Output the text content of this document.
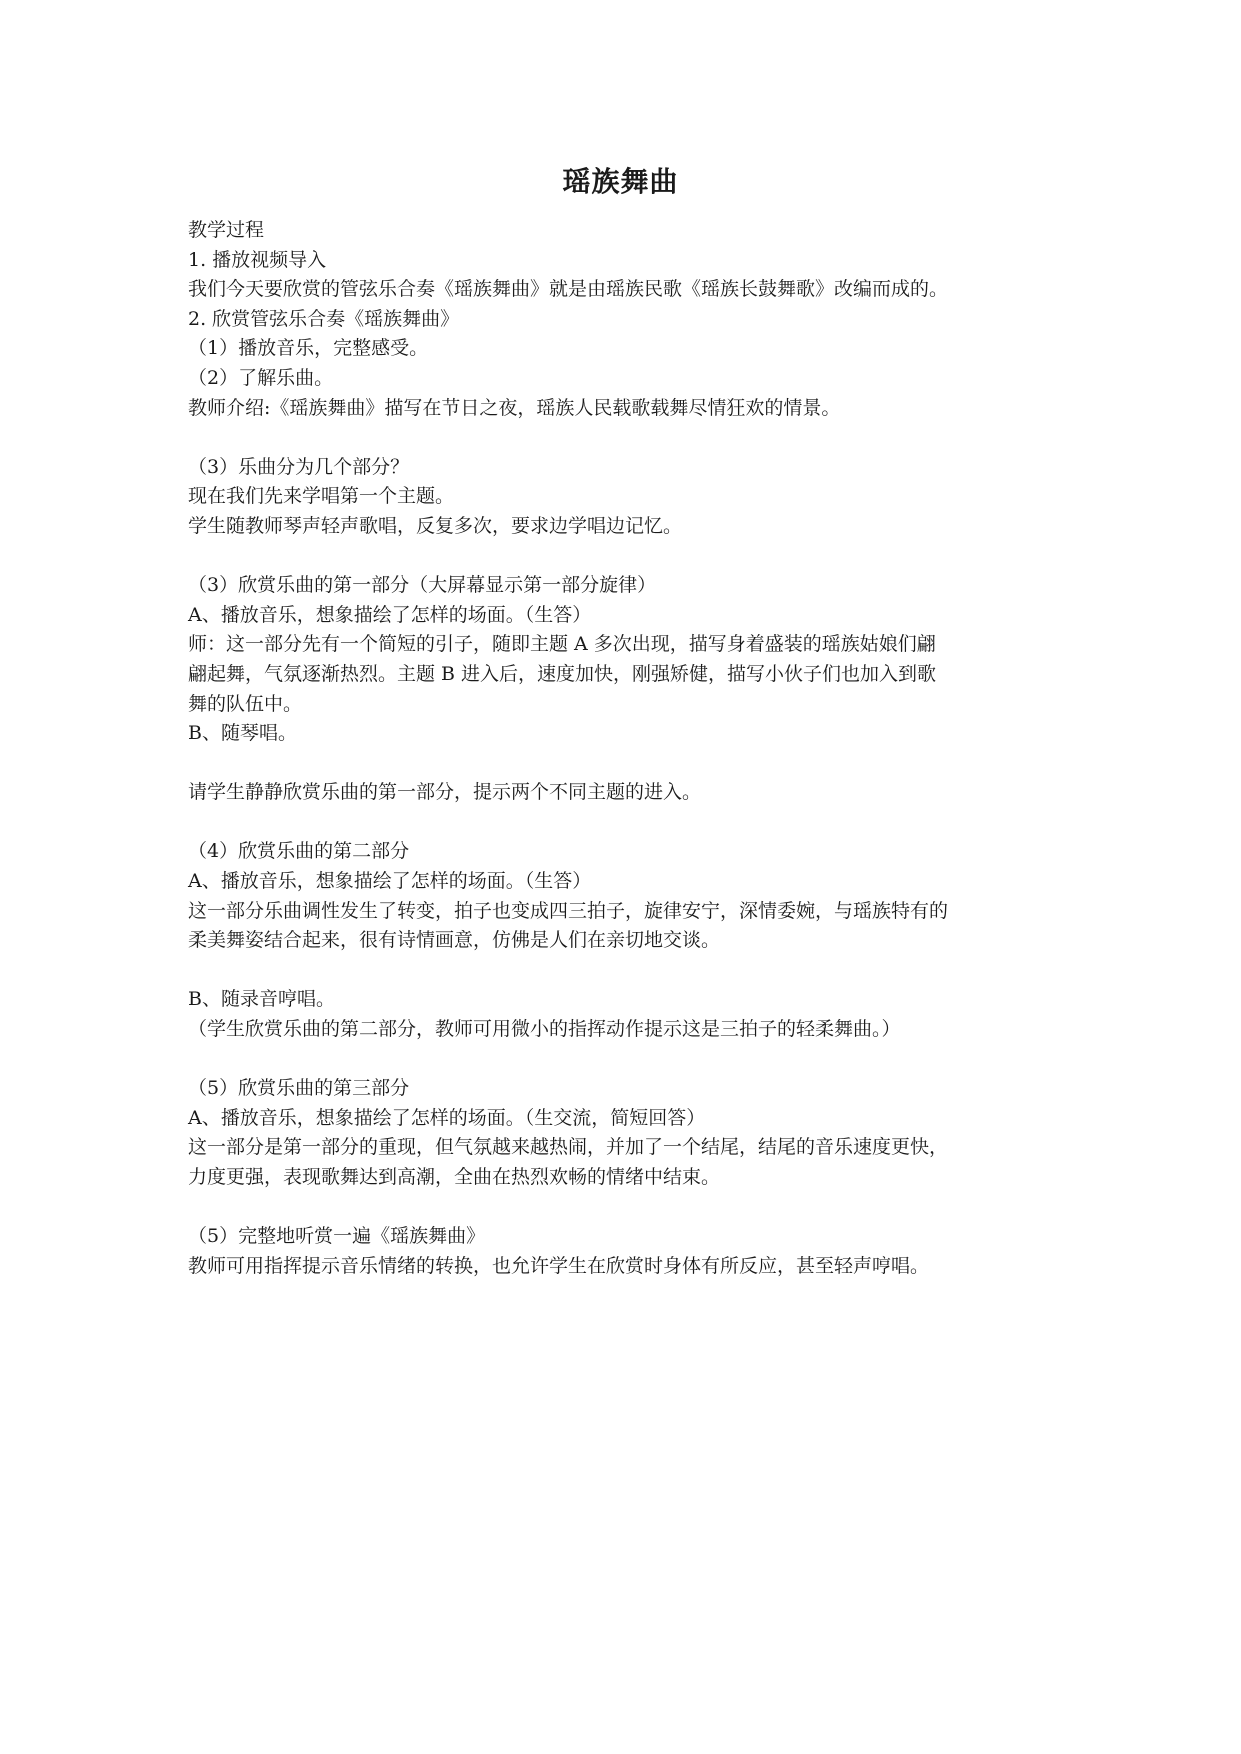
瑶族舞曲
教学过程
1. 播放视频导入
我们今天要欣赏的管弦乐合奏《瑶族舞曲》就是由瑶族民歌《瑶族长鼓舞歌》改编而成的。
2. 欣赏管弦乐合奏《瑶族舞曲》
（1）播放音乐，完整感受。
（2）了解乐曲。
教师介绍:《瑶族舞曲》描写在节日之夜，瑶族人民载歌载舞尽情狂欢的情景。
（3）乐曲分为几个部分？
现在我们先来学唱第一个主题。
学生随教师琴声轻声歌唱，反复多次，要求边学唱边记忆。
（3）欣赏乐曲的第一部分（大屏幕显示第一部分旋律）
A、播放音乐，想象描绘了怎样的场面。（生答）
师：这一部分先有一个简短的引子，随即主题 A 多次出现，描写身着盛装的瑶族姑娘们翩
翩起舞，气氛逐渐热烈。主题 B 进入后，速度加快，刚强矫健，描写小伙子们也加入到歌
舞的队伍中。
B、随琴唱。
请学生静静欣赏乐曲的第一部分，提示两个不同主题的进入。
（4）欣赏乐曲的第二部分
A、播放音乐，想象描绘了怎样的场面。（生答）
这一部分乐曲调性发生了转变，拍子也变成四三拍子，旋律安宁，深情委婉，与瑶族特有的
柔美舞姿结合起来，很有诗情画意，仿佛是人们在亲切地交谈。
B、随录音哼唱。
（学生欣赏乐曲的第二部分，教师可用微小的指挥动作提示这是三拍子的轻柔舞曲。）
（5）欣赏乐曲的第三部分
A、播放音乐，想象描绘了怎样的场面。（生交流，简短回答）
这一部分是第一部分的重现，但气氛越来越热闹，并加了一个结尾，结尾的音乐速度更快，
力度更强，表现歌舞达到高潮，全曲在热烈欢畅的情绪中结束。
（5）完整地听赏一遍《瑶族舞曲》
教师可用指挥提示音乐情绪的转换，也允许学生在欣赏时身体有所反应，甚至轻声哼唱。
